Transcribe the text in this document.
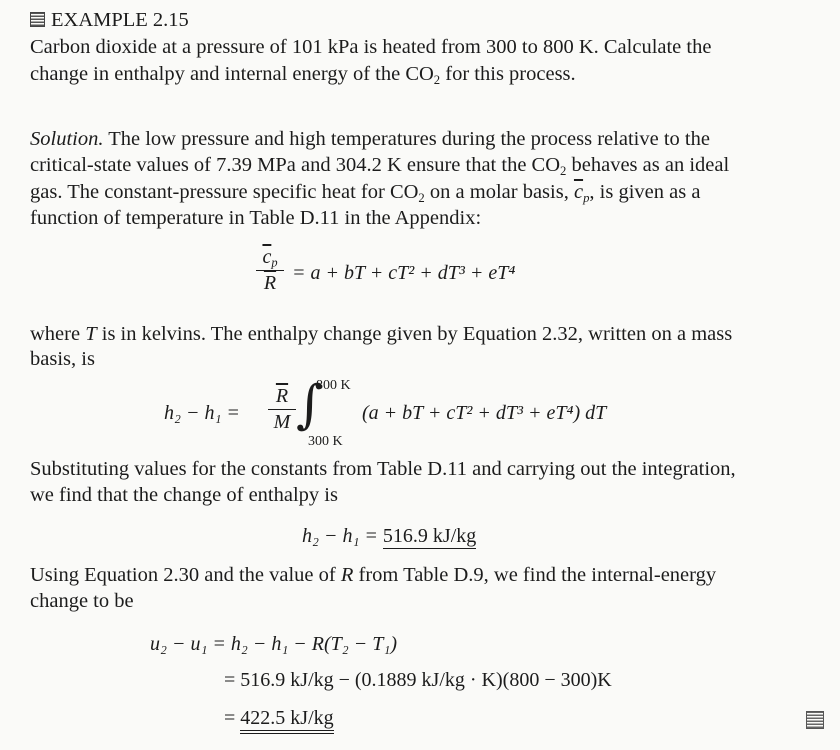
EXAMPLE 2.15
Carbon dioxide at a pressure of 101 kPa is heated from 300 to 800 K. Calculate the
change in enthalpy and internal energy of the $CO_2$ for this process.
Solution. The low pressure and high temperatures during the process relative to the
critical-state values of 7.39 MPa and 304.2 K ensure that the $CO_2$ behaves as an ideal
gas. The constant-pressure specific heat for $CO_2$ on a molar basis, $\overline{c}_p$, is given as a
function of temperature in Table D.11 in the Appendix:
$\overline{c}_p$
$\overline{R} = a$ + bT + cT² + dT³ + eT⁴
where T is in kelvins. The enthalpy change given by Equation 2.32, written on a mass
basis, is
h₂ − h₁ =
$\overline{R}$
M ∫
800 K
300 K
(a + bT + cT² + dT³ + eT⁴) dT
Substituting values for the constants from Table D.11 and carrying out the integration,
we find that the change of enthalpy is
h₂ − h₁ = 516.9 kJ/kg
Using Equation 2.30 and the value of R from Table D.9, we find the internal-energy
change to be
u₂ − u₁ = h₂ − h₁ − R(T₂ − T₁)
= 516.9 kJ/kg − (0.1889 kJ/kg · K)(800 − 300)K
= 422.5 kJ/kg
